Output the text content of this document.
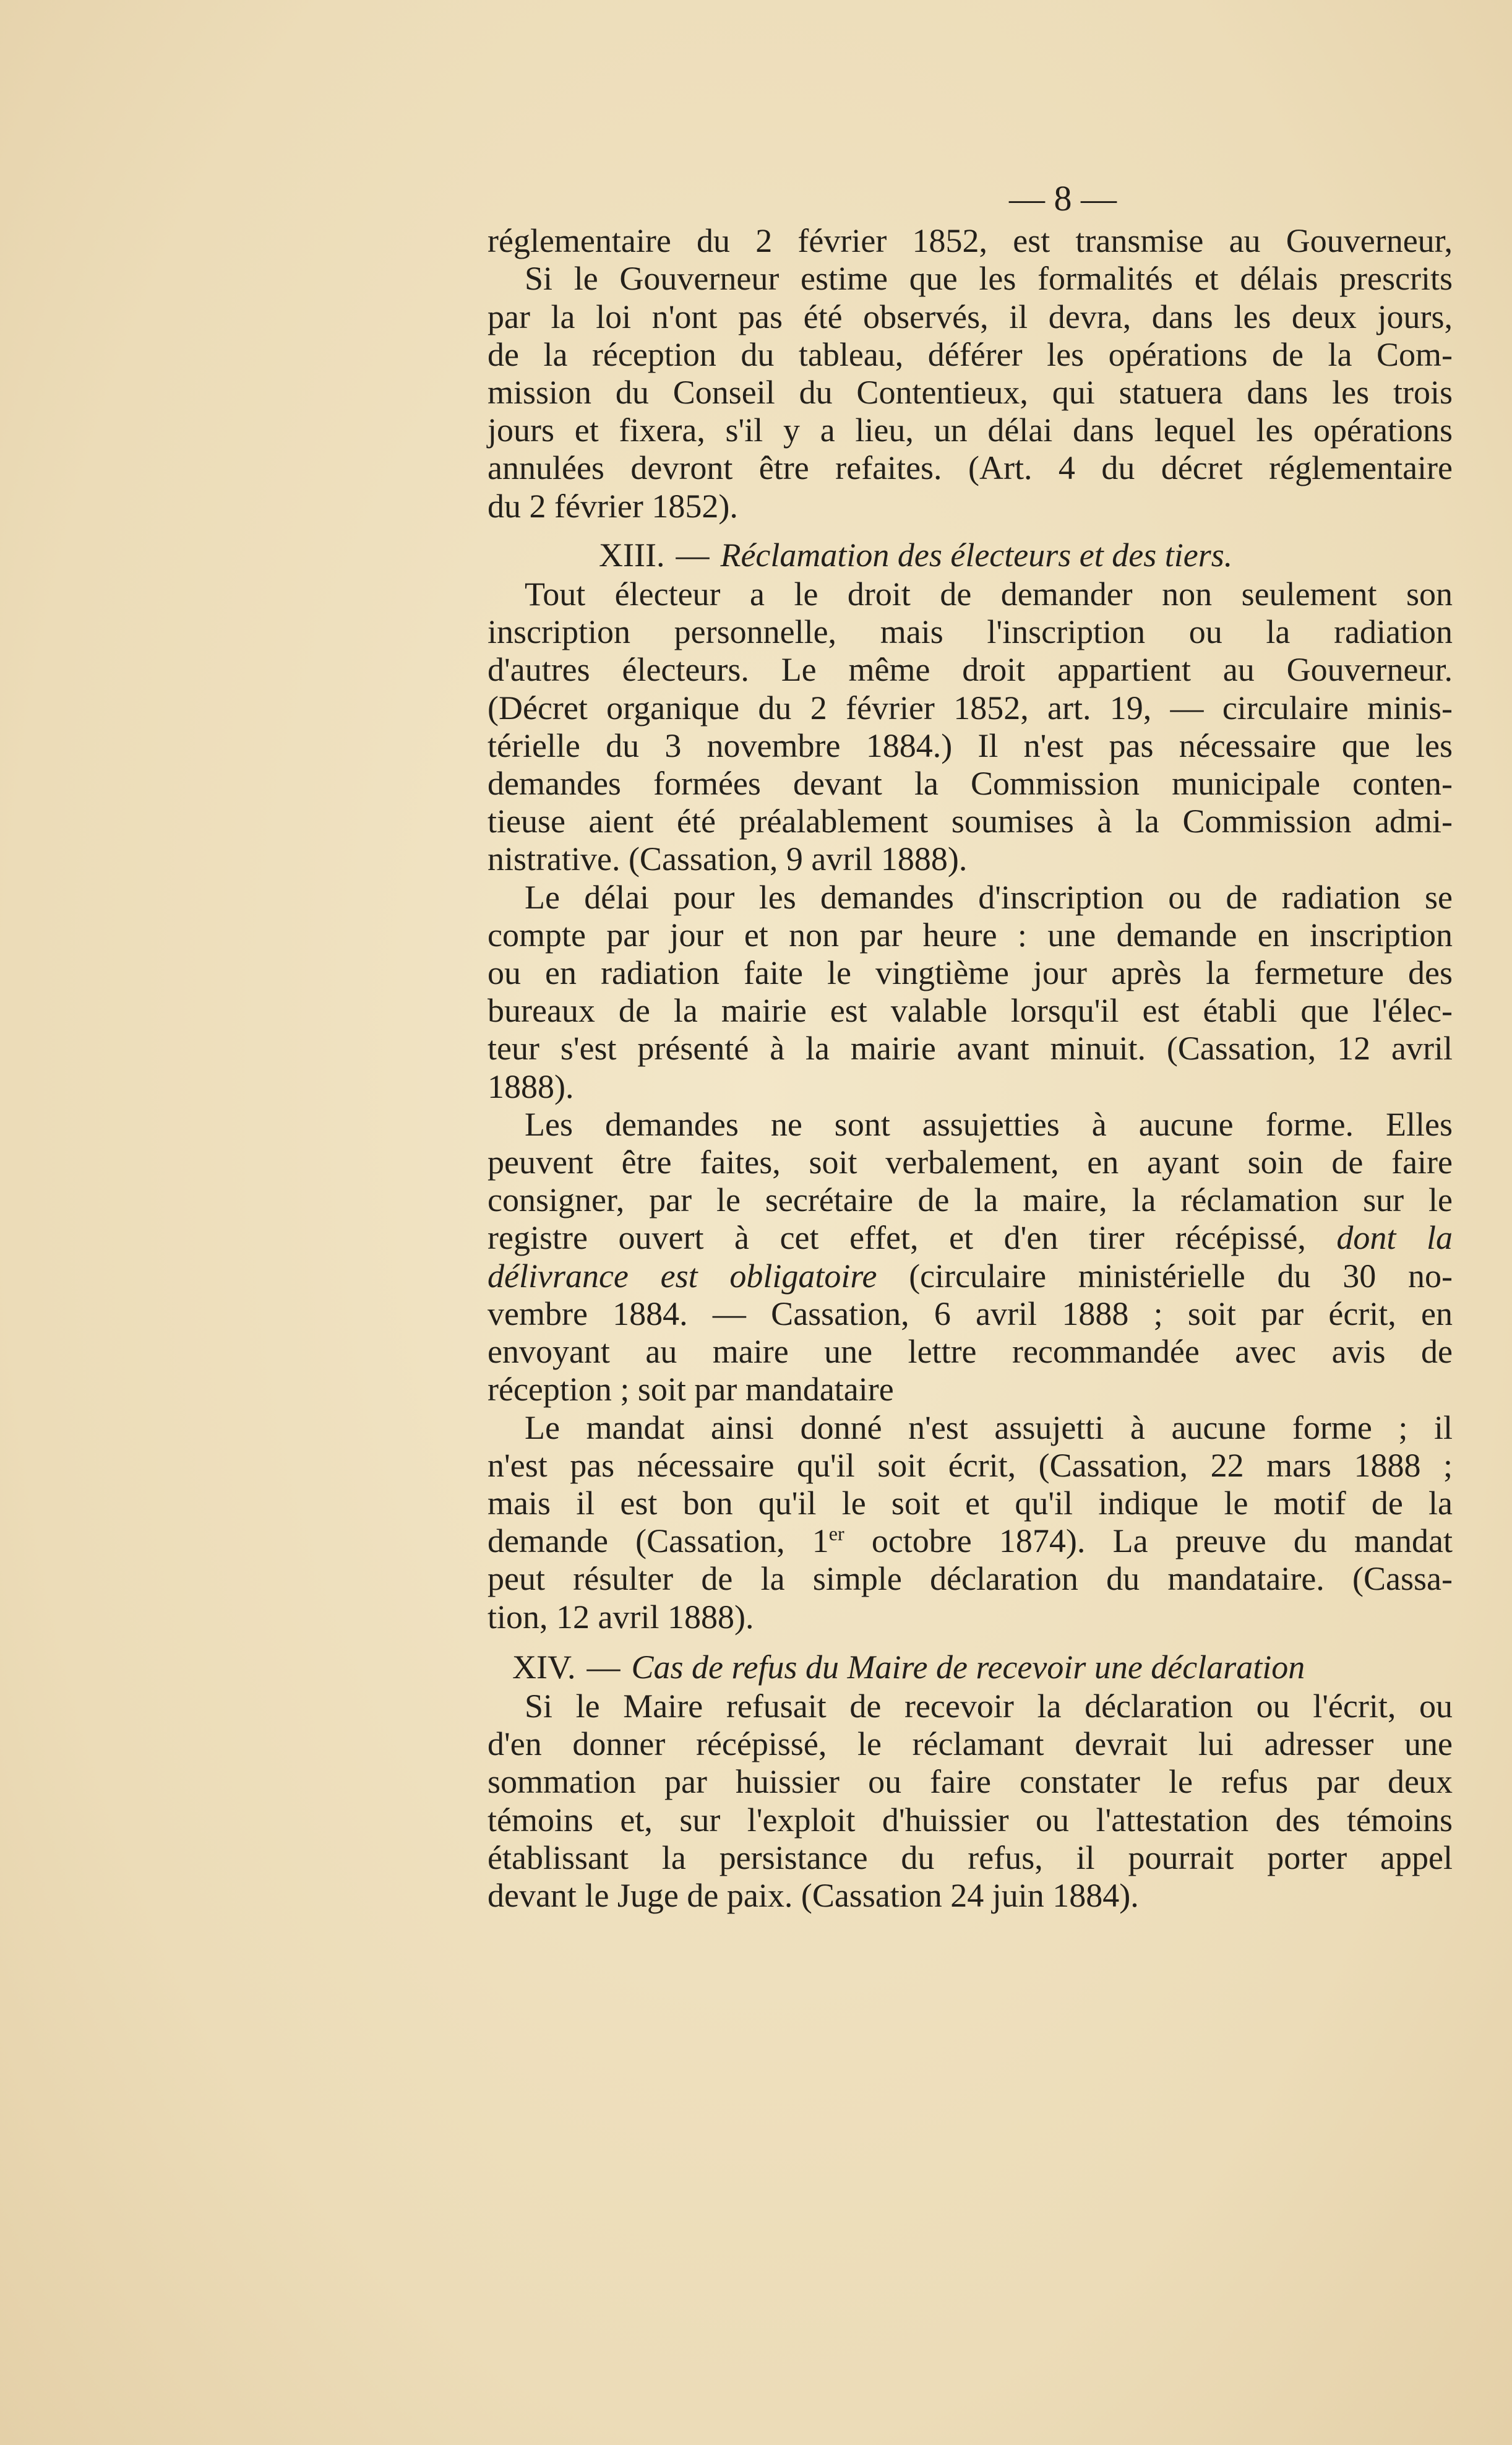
— 8 —
réglementaire du 2 février 1852, est transmise au Gouverneur,
Si le Gouverneur estime que les formalités et délais prescrits
par la loi n'ont pas été observés, il devra, dans les deux jours,
de la réception du tableau, déférer les opérations de la Com-
mission du Conseil du Contentieux, qui statuera dans les trois
jours et fixera, s'il y a lieu, un délai dans lequel les opérations
annulées devront être refaites. (Art. 4 du décret réglementaire
du 2 février 1852).
XIII. — Réclamation des électeurs et des tiers.
Tout électeur a le droit de demander non seulement son
inscription personnelle, mais l'inscription ou la radiation
d'autres électeurs. Le même droit appartient au Gouverneur.
(Décret organique du 2 février 1852, art. 19, — circulaire minis-
térielle du 3 novembre 1884.) Il n'est pas nécessaire que les
demandes formées devant la Commission municipale conten-
tieuse aient été préalablement soumises à la Commission admi-
nistrative. (Cassation, 9 avril 1888).
Le délai pour les demandes d'inscription ou de radiation se
compte par jour et non par heure : une demande en inscription
ou en radiation faite le vingtième jour après la fermeture des
bureaux de la mairie est valable lorsqu'il est établi que l'élec-
teur s'est présenté à la mairie avant minuit. (Cassation, 12 avril
1888).
Les demandes ne sont assujetties à aucune forme. Elles
peuvent être faites, soit verbalement, en ayant soin de faire
consigner, par le secrétaire de la maire, la réclamation sur le
registre ouvert à cet effet, et d'en tirer récépissé, dont la
délivrance est obligatoire (circulaire ministérielle du 30 no-
vembre 1884. — Cassation, 6 avril 1888 ; soit par écrit, en
envoyant au maire une lettre recommandée avec avis de
réception ; soit par mandataire
Le mandat ainsi donné n'est assujetti à aucune forme ; il
n'est pas nécessaire qu'il soit écrit, (Cassation, 22 mars 1888 ;
mais il est bon qu'il le soit et qu'il indique le motif de la
demande (Cassation, 1er octobre 1874). La preuve du mandat
peut résulter de la simple déclaration du mandataire. (Cassa-
tion, 12 avril 1888).
XIV. — Cas de refus du Maire de recevoir une déclaration
Si le Maire refusait de recevoir la déclaration ou l'écrit, ou
d'en donner récépissé, le réclamant devrait lui adresser une
sommation par huissier ou faire constater le refus par deux
témoins et, sur l'exploit d'huissier ou l'attestation des témoins
établissant la persistance du refus, il pourrait porter appel
devant le Juge de paix. (Cassation 24 juin 1884).
